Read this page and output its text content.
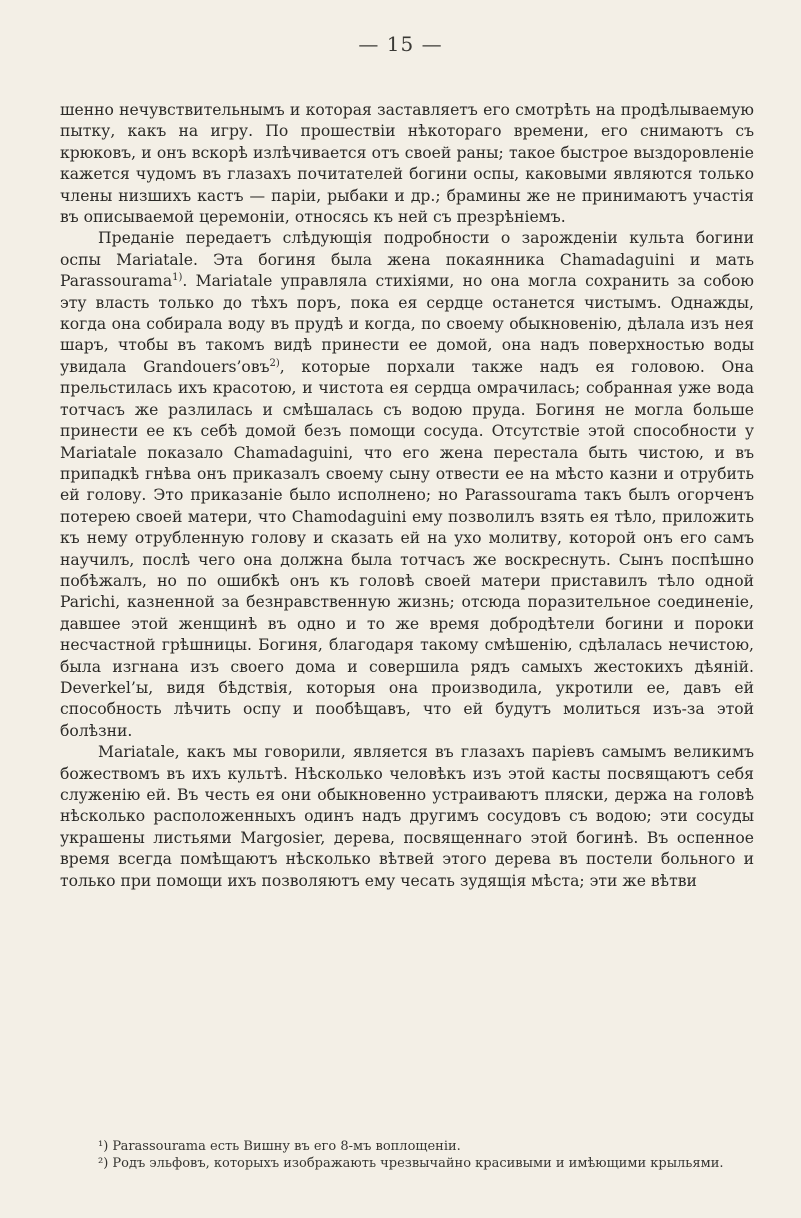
— 15 —

шенно нечувствительнымъ и которая заставляетъ его смотрѣть на продѣлываемую пытку, какъ на игру. По прошествіи нѣкотораго времени, его снимаютъ съ крюковъ, и онъ вскорѣ излѣчивается отъ своей раны; такое быстрое выздоровленіе кажется чудомъ въ глазахъ почитателей богини оспы, каковыми являются только члены низшихъ кастъ — паріи, рыбаки и др.; брамины же не принимаютъ участія въ описываемой церемоніи, относясь къ ней съ презрѣніемъ.

Преданіе передаетъ слѣдующія подробности о зарожденіи культа богини оспы Mariatale. Эта богиня была жена покаянника Chamadaguini и мать Parassourama$^{1)}$. Mariatale управляла стихіями, но она могла сохранить за собою эту власть только до тѣхъ поръ, пока ея сердце останется чистымъ. Однажды, когда она собирала воду въ прудѣ и когда, по своему обыкновенію, дѣлала изъ нея шаръ, чтобы въ такомъ видѣ принести ее домой, она надъ поверхностью воды увидала Grandouers’овъ$^{2)}$, которые порхали также надъ ея головою. Она прельстилась ихъ красотою, и чистота ея сердца омрачилась; собранная уже вода тотчасъ же разлилась и смѣшалась съ водою пруда. Богиня не могла больше принести ее къ себѣ домой безъ помощи сосуда. Отсутствіе этой способности у Mariatale показало Chamadaguini, что его жена перестала быть чистою, и въ припадкѣ гнѣва онъ приказалъ своему сыну отвести ее на мѣсто казни и отрубить ей голову. Это приказаніе было исполнено; но Parassourama такъ былъ огорченъ потерею своей матери, что Chamodaguini ему позволилъ взять ея тѣло, приложить къ нему отрубленную голову и сказать ей на ухо молитву, которой онъ его самъ научилъ, послѣ чего она должна была тотчасъ же воскреснуть. Сынъ поспѣшно побѣжалъ, но по ошибкѣ онъ къ головѣ своей матери приставилъ тѣло одной Parichi, казненной за безнравственную жизнь; отсюда поразительное соединеніе, давшее этой женщинѣ въ одно и то же время добродѣтели богини и пороки несчастной грѣшницы. Богиня, благодаря такому смѣшенію, сдѣлалась нечистою, была изгнана изъ своего дома и совершила рядъ самыхъ жестокихъ дѣяній. Deverkel’ы, видя бѣдствія, которыя она производила, укротили ее, давъ ей способность лѣчить оспу и пообѣщавъ, что ей будутъ молиться изъ-за этой болѣзни.

Mariatale, какъ мы говорили, является въ глазахъ паріевъ самымъ великимъ божествомъ въ ихъ культѣ. Нѣсколько человѣкъ изъ этой касты посвящаютъ себя служенію ей. Въ честь ея они обыкновенно устраиваютъ пляски, держа на головѣ нѣсколько расположенныхъ одинъ надъ другимъ сосудовъ съ водою; эти сосуды украшены листьями Margosier, дерева, посвященнаго этой богинѣ. Въ оспенное время всегда помѣщаютъ нѣсколько вѣтвей этого дерева въ постели больного и только при помощи ихъ позволяютъ ему чесать зудящія мѣста; эти же вѣтви

¹) Parassourama есть Вишну въ его 8-мъ воплощеніи.

²) Родъ эльфовъ, которыхъ изображають чрезвычайно красивыми и имѣющими крыльями.
